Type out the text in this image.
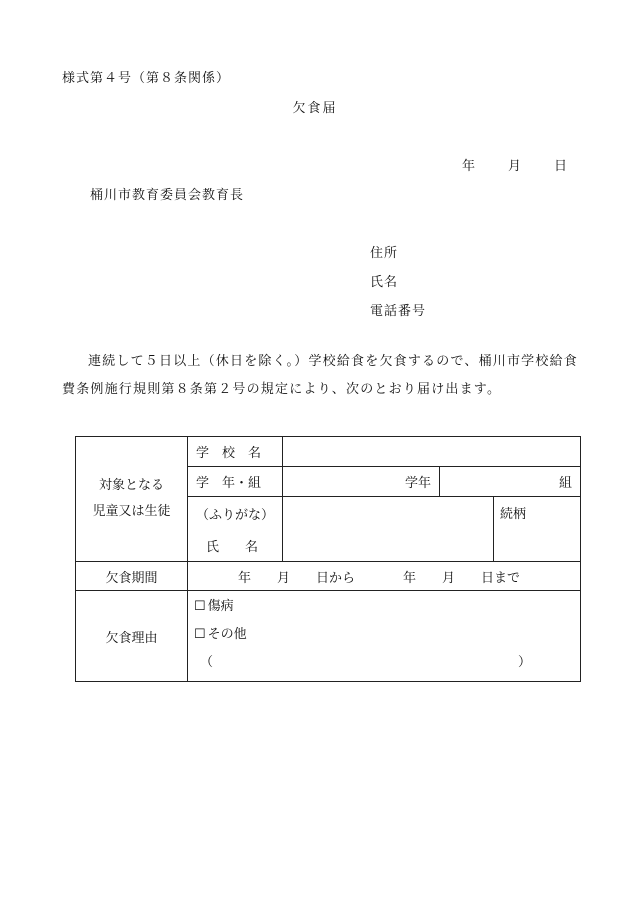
様式第４号（第８条関係）
欠食届
年	月	日
桶川市教育委員会教育長
住所
氏名
電話番号
連続して５日以上（休日を除く。）学校給食を欠食するので、桶川市学校給食費条例施行規則第８条第２号の規定により、次のとおり届け出ます。
対象となる
児童又は生徒
	学　校　名	
学　年・組		学年	組

（ふりがな）		続柄
氏　　名
欠食期間	年　　月　　日から	年　　月　　日まで
欠食理由	
☐ 傷病
☐ その他
（	）
